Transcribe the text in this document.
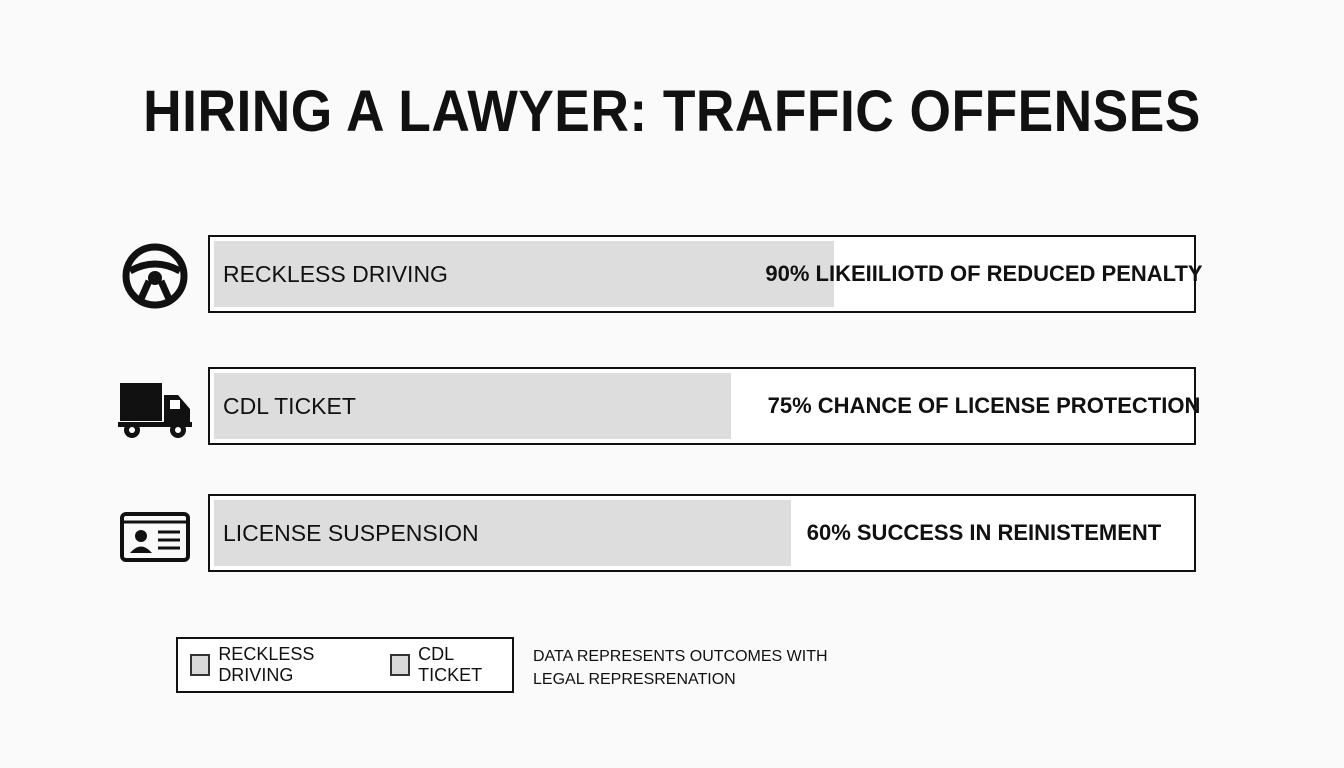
HIRING A LAWYER: TRAFFIC OFFENSES
RECKLESS DRIVING	90% LIKEIILIOTD OF REDUCED PENALTY
CDL TICKET	75% CHANCE OF LICENSE PROTECTION
LICENSE SUSPENSION	60% SUCCESS IN REINISTEMENT
RECKLESS DRIVING
CDL TICKET
DATA REPRESENTS OUTCOMES WITH LEGAL REPRESRENATION
